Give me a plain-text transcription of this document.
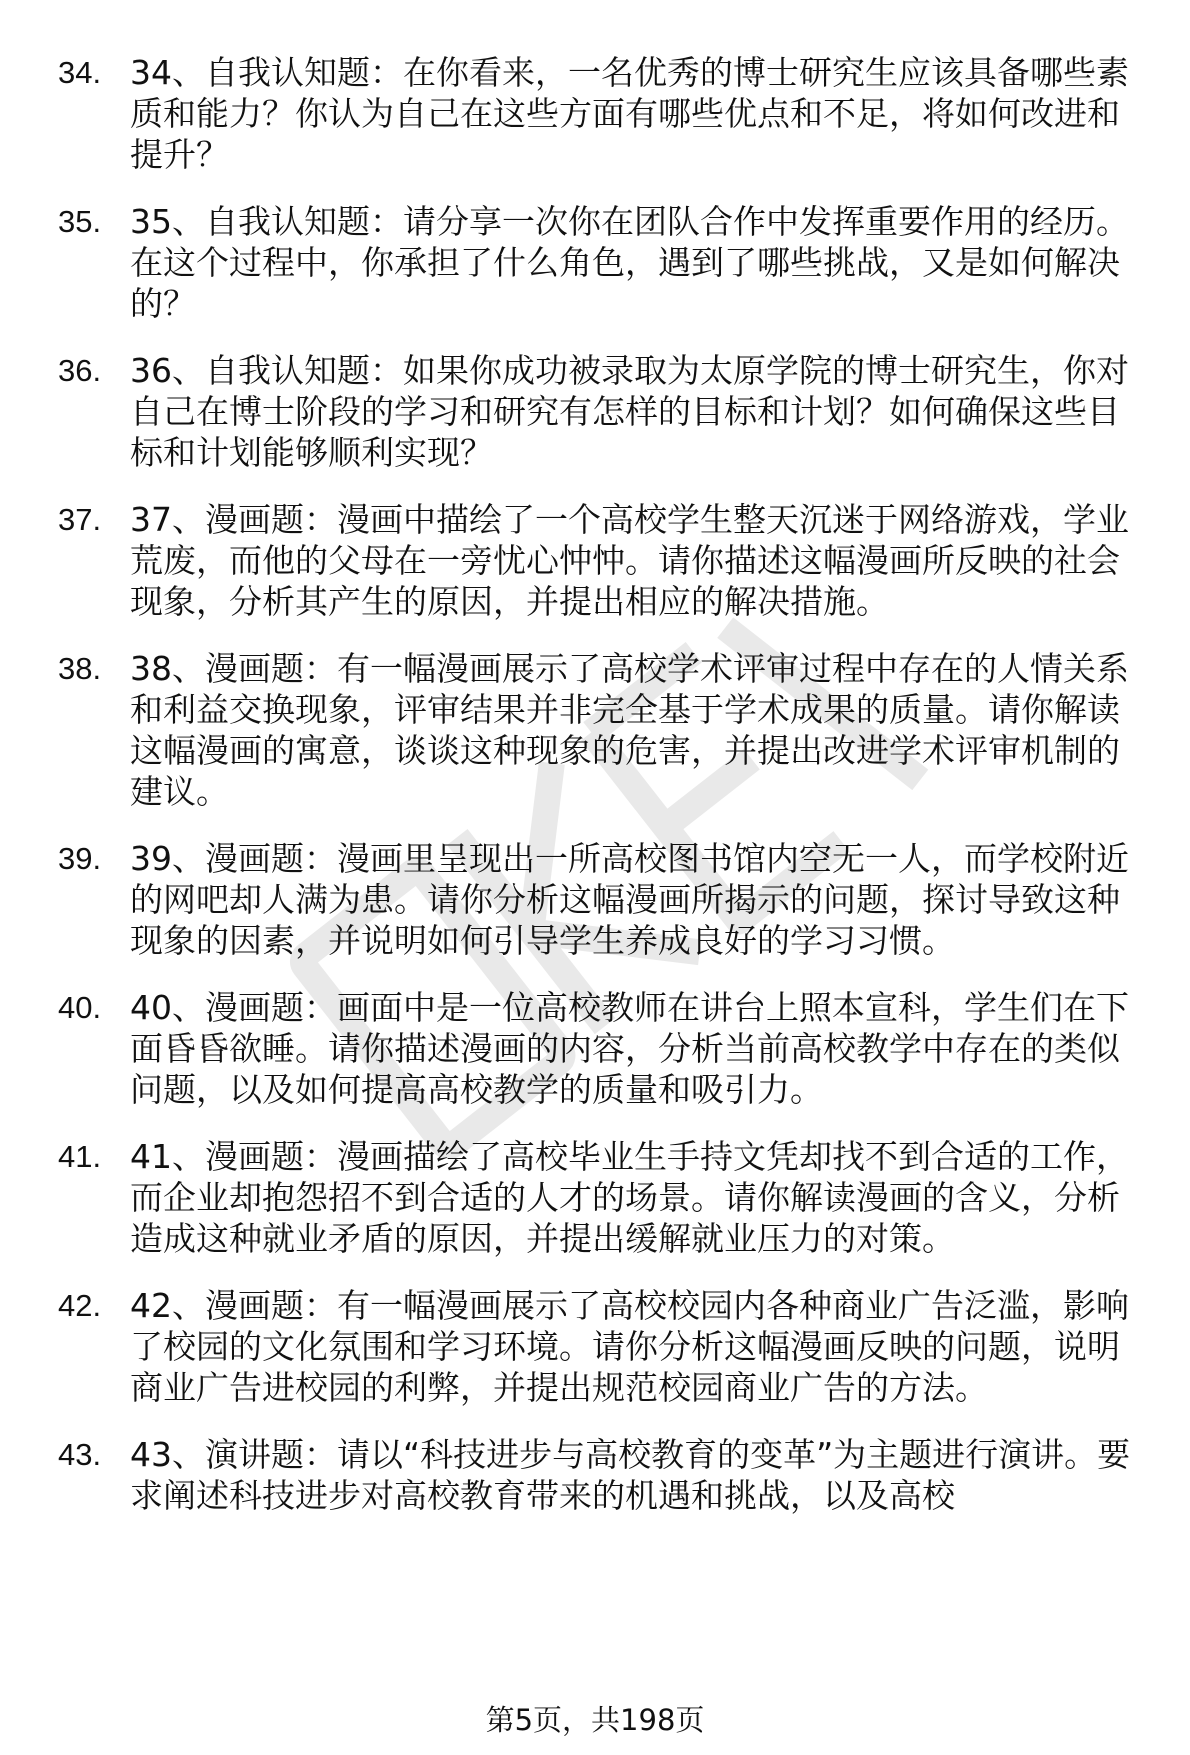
34. 34、自我认知题：在你看来，一名优秀的博士研究生应该具备哪些素质和能力？你认为自己在这些方面有哪些优点和不足，将如何改进和提升？
35. 35、自我认知题：请分享一次你在团队合作中发挥重要作用的经历。在这个过程中，你承担了什么角色，遇到了哪些挑战，又是如何解决的？
36. 36、自我认知题：如果你成功被录取为太原学院的博士研究生，你对自己在博士阶段的学习和研究有怎样的目标和计划？如何确保这些目标和计划能够顺利实现？
37. 37、漫画题：漫画中描绘了一个高校学生整天沉迷于网络游戏，学业荒废，而他的父母在一旁忧心忡忡。请你描述这幅漫画所反映的社会现象，分析其产生的原因，并提出相应的解决措施。
38. 38、漫画题：有一幅漫画展示了高校学术评审过程中存在的人情关系和利益交换现象，评审结果并非完全基于学术成果的质量。请你解读这幅漫画的寓意，谈谈这种现象的危害，并提出改进学术评审机制的建议。
39. 39、漫画题：漫画里呈现出一所高校图书馆内空无一人，而学校附近的网吧却人满为患。请你分析这幅漫画所揭示的问题，探讨导致这种现象的因素，并说明如何引导学生养成良好的学习习惯。
40. 40、漫画题：画面中是一位高校教师在讲台上照本宣科，学生们在下面昏昏欲睡。请你描述漫画的内容，分析当前高校教学中存在的类似问题，以及如何提高高校教学的质量和吸引力。
41. 41、漫画题：漫画描绘了高校毕业生手持文凭却找不到合适的工作，而企业却抱怨招不到合适的人才的场景。请你解读漫画的含义，分析造成这种就业矛盾的原因，并提出缓解就业压力的对策。
42. 42、漫画题：有一幅漫画展示了高校校园内各种商业广告泛滥，影响了校园的文化氛围和学习环境。请你分析这幅漫画反映的问题，说明商业广告进校园的利弊，并提出规范校园商业广告的方法。
43. 43、演讲题：请以“科技进步与高校教育的变革”为主题进行演讲。要求阐述科技进步对高校教育带来的机遇和挑战，以及高校
第5页，共198页
